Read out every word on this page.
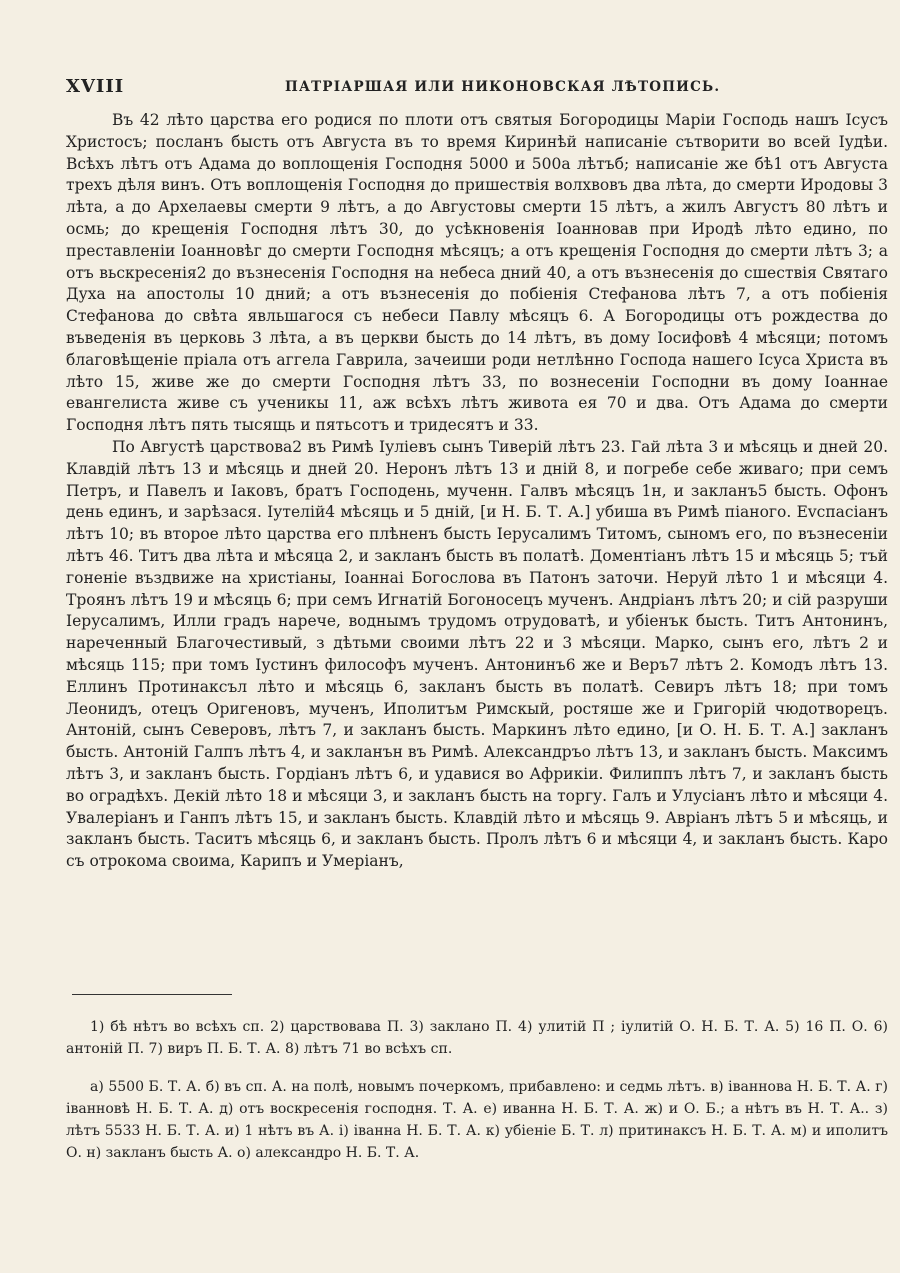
XVIII	ПАТРІАРШАЯ ИЛИ НИКОНОВСКАЯ ЛѢТОПИСЬ.

Въ 42 лѣто царства его родися по плоти отъ святыя Богородицы Маріи Господь нашъ Ісусъ Христосъ; посланъ бысть отъ Августа въ то время Киринѣй написаніе сътворити во всей Іудѣи. Всѣхъ лѣтъ отъ Адама до воплощенія Господня 5000 и 500а лѣтъб; написаніе же бѣ1 отъ Августа трехъ дѣля винъ. Отъ воплощенія Господня до пришествія волхвовъ два лѣта, до смерти Иродовы 3 лѣта, а до Архелаевы смерти 9 лѣтъ, а до Августовы смерти 15 лѣтъ, а жилъ Августъ 80 лѣтъ и осмь; до крещенія Господня лѣтъ 30, до усѣкновенія Іоанновав при Иродѣ лѣто едино, по преставленіи Іоанновѣг до смерти Господня мѣсяцъ; а отъ крещенія Господня до смерти лѣтъ 3; а отъ вьскресенія2 до възнесенія Господня на небеса дний 40, а отъ възнесенія до сшествія Святаго Духа на апостолы 10 дний; а отъ възнесенія до побіенія Стефанова лѣтъ 7, а отъ побіенія Стефанова до свѣта явльшагося съ небеси Павлу мѣсяцъ 6. А Богородицы отъ рождества до въведенія въ церковь 3 лѣта, а въ церкви бысть до 14 лѣтъ, въ дому Іосифовѣ 4 мѣсяци; потомъ благовѣщеніе пріала отъ аггела Гаврила, зачеиши роди нетлѣнно Господа нашего Ісуса Христа въ лѣто 15, живе же до смерти Господня лѣтъ 33, по вознесеніи Господни въ дому Іоаннае евангелиста живе съ ученикы 11, аж всѣхъ лѣтъ живота ея 70 и два. Отъ Адама до смерти Господня лѣтъ пять тысящь и пятьсотъ и тридесятъ и 33.

По Августѣ царствова2 въ Римѣ Іуліевъ сынъ Тиверій лѣтъ 23. Гай лѣта 3 и мѣсяць и дней 20. Клавдій лѣтъ 13 и мѣсяць и дней 20. Неронъ лѣтъ 13 и дній 8, и погребе себе живаго; при семъ Петръ, и Павелъ и Іаковъ, братъ Господень, мученн. Галвъ мѣсяцъ 1н, и закланъ5 бысть. Офонъ день единъ, и зарѣзася. Іутелій4 мѣсяць и 5 дній, [и Н. Б. Т. А.] убиша въ Римѣ піаного. Еvспасіанъ лѣтъ 10; въ второе лѣто царства его плѣненъ бысть Іерусалимъ Титомъ, сыномъ его, по възнесеніи лѣтъ 46. Титъ два лѣта и мѣсяца 2, и закланъ бысть въ полатѣ. Доментіанъ лѣтъ 15 и мѣсяць 5; тъй гоненіе въздвиже на христіаны, Іоаннаі Богослова въ Патонъ заточи. Неруй лѣто 1 и мѣсяци 4. Троянъ лѣтъ 19 и мѣсяць 6; при семъ Игнатій Богоносецъ мученъ. Андріанъ лѣтъ 20; и сій разруши Іерусалимъ, Илли градъ нарече, воднымъ трудомъ отрудоватѣ, и убіенък бысть. Титъ Антонинъ, нареченный Благочестивый, з дѣтьми своими лѣтъ 22 и 3 мѣсяци. Марко, сынъ его, лѣтъ 2 и мѣсяць 115; при томъ Іустинъ философъ мученъ. Антонинъ6 же и Веръ7 лѣтъ 2. Комодъ лѣтъ 13. Еллинъ Протинаксъл лѣто и мѣсяць 6, закланъ бысть въ полатѣ. Севиръ лѣтъ 18; при томъ Леонидъ, отецъ Оригеновъ, мученъ, Иполитъм Римскый, ростяше же и Григорій чюдотворецъ. Антоній, сынъ Северовъ, лѣтъ 7, и закланъ бысть. Маркинъ лѣто едино, [и О. Н. Б. Т. А.] закланъ бысть. Антоній Галпъ лѣтъ 4, и закланън въ Римѣ. Александръо лѣтъ 13, и закланъ бысть. Максимъ лѣтъ 3, и закланъ бысть. Гордіанъ лѣтъ 6, и удавися во Африкіи. Филиппъ лѣтъ 7, и закланъ бысть во оградѣхъ. Декій лѣто 18 и мѣсяци 3, и закланъ бысть на торгу. Галъ и Улусіанъ лѣто и мѣсяци 4. Увалеріанъ и Ганпъ лѣтъ 15, и закланъ бысть. Клавдій лѣто и мѣсяць 9. Авріанъ лѣтъ 5 и мѣсяць, и закланъ бысть. Таситъ мѣсяць 6, и закланъ бысть. Пролъ лѣтъ 6 и мѣсяци 4, и закланъ бысть. Каро съ отрокома своима, Карипъ и Умеріанъ,

1) бѣ нѣтъ во всѣхъ сп. 2) царствовава П. 3) заклано П. 4) улитій П ; іулитій О. Н. Б. Т. А. 5) 16 П. О. 6) антоній П. 7) виръ П. Б. Т. А. 8) лѣтъ 71 во всѣхъ сп.

а) 5500 Б. Т. А. б) въ сп. А. на полѣ, новымъ почеркомъ, прибавлено: и седмь лѣтъ. в) іваннова Н. Б. Т. А. г) іванновѣ Н. Б. Т. А. д) отъ воскресенія господня. Т. А. е) иванна Н. Б. Т. А. ж) и О. Б.; а нѣтъ въ Н. Т. А.. з) лѣтъ 5533 Н. Б. Т. А. и) 1 нѣтъ въ А. і) іванна Н. Б. Т. А. к) убіеніе Б. Т. л) притинаксъ Н. Б. Т. А. м) и иполитъ О. н) закланъ бысть А. о) александро Н. Б. Т. А.
